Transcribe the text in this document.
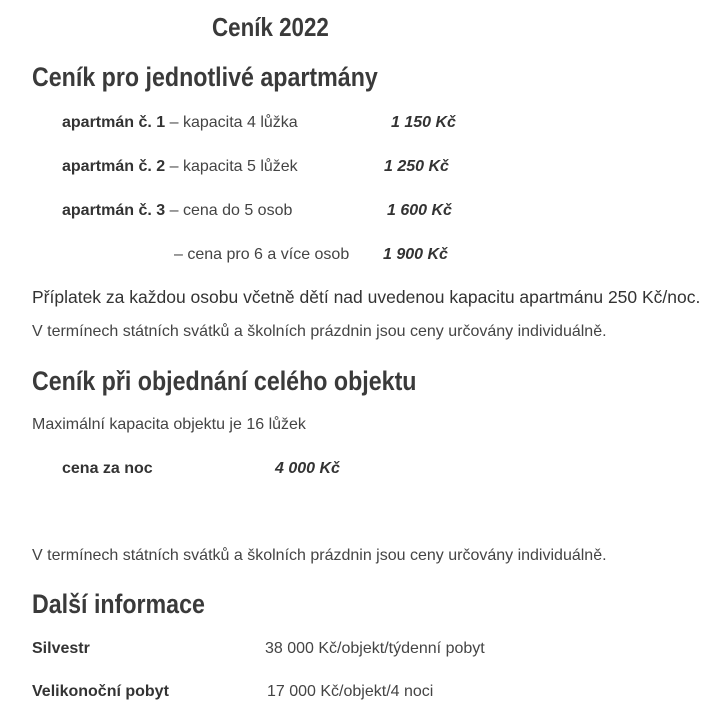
Ceník 2022
Ceník pro jednotlivé apartmány
apartmán č. 1 – kapacita 4 lůžka	1 150 Kč
apartmán č. 2 – kapacita 5 lůžek	1 250 Kč
apartmán č. 3 – cena do 5 osob	1 600 Kč
– cena pro 6 a více osob 1 900 Kč
Příplatek za každou osobu včetně dětí nad uvedenou kapacitu apartmánu 250 Kč/noc.
V termínech státních svátků a školních prázdnin jsou ceny určovány individuálně.
Ceník při objednání celého objektu
Maximální kapacita objektu je 16 lůžek
cena za noc	4 000 Kč
V termínech státních svátků a školních prázdnin jsou ceny určovány individuálně.
Další informace
Silvestr	38 000 Kč/objekt/týdenní pobyt
Velikonoční pobyt	17 000 Kč/objekt/4 noci
